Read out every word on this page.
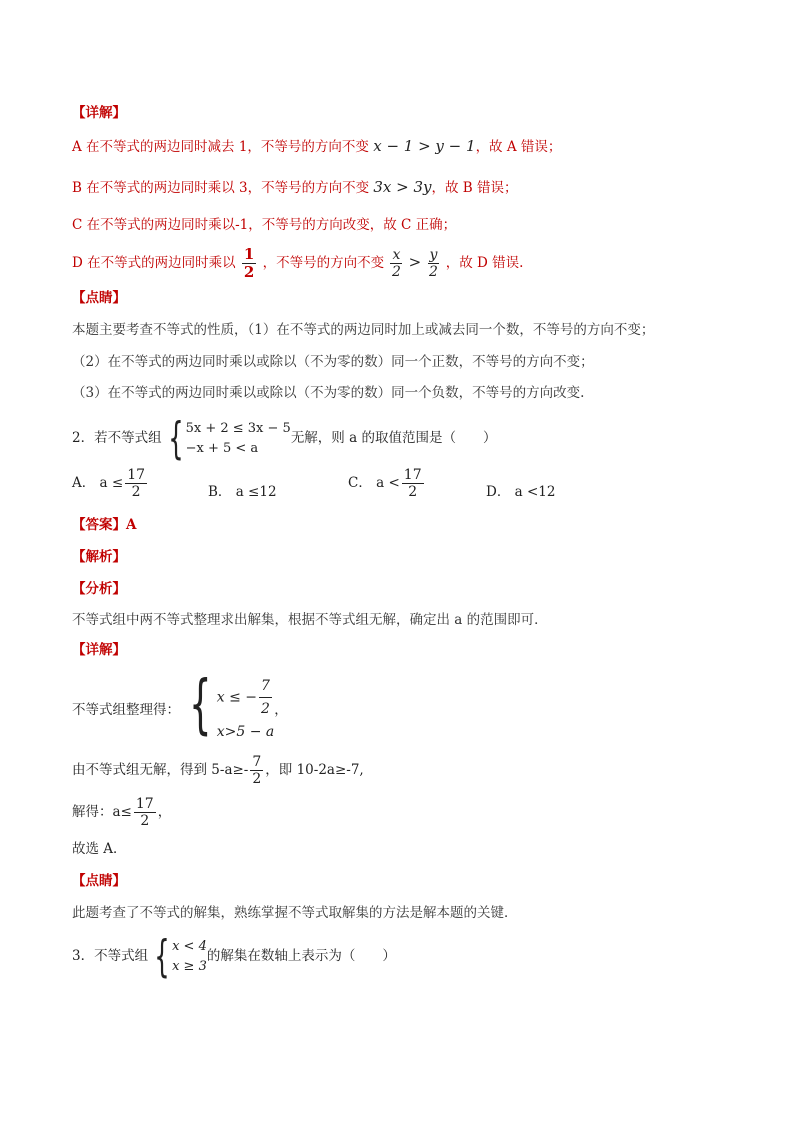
【详解】
A 在不等式的两边同时减去 1，不等号的方向不变 x − 1 > y − 1，故 A 错误；
B 在不等式的两边同时乘以 3，不等号的方向不变 3x > 3y，故 B 错误；
C 在不等式的两边同时乘以-1，不等号的方向改变，故 C 正确；
D 在不等式的两边同时乘以 $\frac{1}{2}$ ，不等号的方向不变 $\frac{x}{2} > \frac{y}{2}$ ，故 D 错误.
【点睛】
本题主要考查不等式的性质，（1）在不等式的两边同时加上或减去同一个数，不等号的方向不变；
（2）在不等式的两边同时乘以或除以（不为零的数）同一个正数，不等号的方向不变；
（3）在不等式的两边同时乘以或除以（不为零的数）同一个负数，不等号的方向改变.
2．若不等式组 { 5x + 2 ≤ 3x − 5
−x + 5 < a
无解，则 a 的取值范围是（　　）
A． $a \le \frac{17}{2}$	B． a ≤12
C． $a < \frac{17}{2}$	D． a <12
【答案】A
【解析】
【分析】
不等式组中两不等式整理求出解集，根据不等式组无解，确定出 a 的范围即可．
【详解】
不等式组整理得： { x ≤ − $\frac{7}{2}$
x>5 − a
，
由不等式组无解，得到 $5-a\ge- \frac{7}{2}$ ，即 10-2a≥-7,
解得：$a\le \frac{17}{2}$ ，
故选 A．
【点睛】
此题考查了不等式的解集，熟练掌握不等式取解集的方法是解本题的关键．
3．不等式组 { x < 4
x ≥ 3
的解集在数轴上表示为（　　）
